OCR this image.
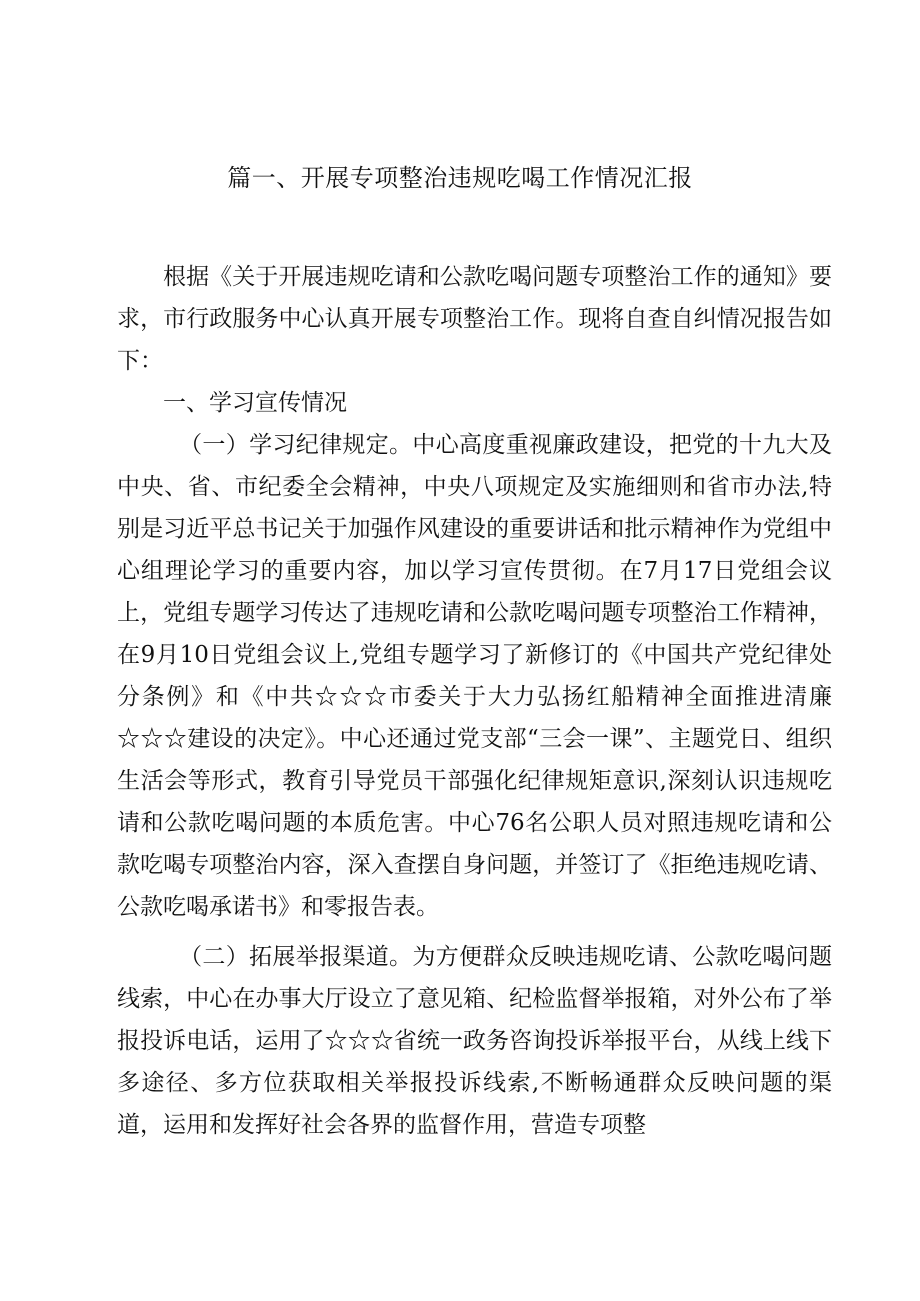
篇一、开展专项整治违规吃喝工作情况汇报

根据《关于开展违规吃请和公款吃喝问题专项整治工作的通知》要求，市行政服务中心认真开展专项整治工作。现将自查自纠情况报告如下：

一、学习宣传情况

（一）学习纪律规定。中心高度重视廉政建设，把党的十九大及中央、省、市纪委全会精神，中央八项规定及实施细则和省市办法,特别是习近平总书记关于加强作风建设的重要讲话和批示精神作为党组中心组理论学习的重要内容，加以学习宣传贯彻。在7月17日党组会议上，党组专题学习传达了违规吃请和公款吃喝问题专项整治工作精神，在9月10日党组会议上,党组专题学习了新修订的《中国共产党纪律处分条例》和《中共☆☆☆市委关于大力弘扬红船精神全面推进清廉☆☆☆建设的决定》。中心还通过党支部“三会一课”、主题党日、组织生活会等形式，教育引导党员干部强化纪律规矩意识,深刻认识违规吃请和公款吃喝问题的本质危害。中心76名公职人员对照违规吃请和公款吃喝专项整治内容，深入查摆自身问题，并签订了《拒绝违规吃请、公款吃喝承诺书》和零报告表。

（二）拓展举报渠道。为方便群众反映违规吃请、公款吃喝问题线索，中心在办事大厅设立了意见箱、纪检监督举报箱，对外公布了举报投诉电话，运用了☆☆☆省统一政务咨询投诉举报平台，从线上线下多途径、多方位获取相关举报投诉线索,不断畅通群众反映问题的渠道，运用和发挥好社会各界的监督作用，营造专项整
